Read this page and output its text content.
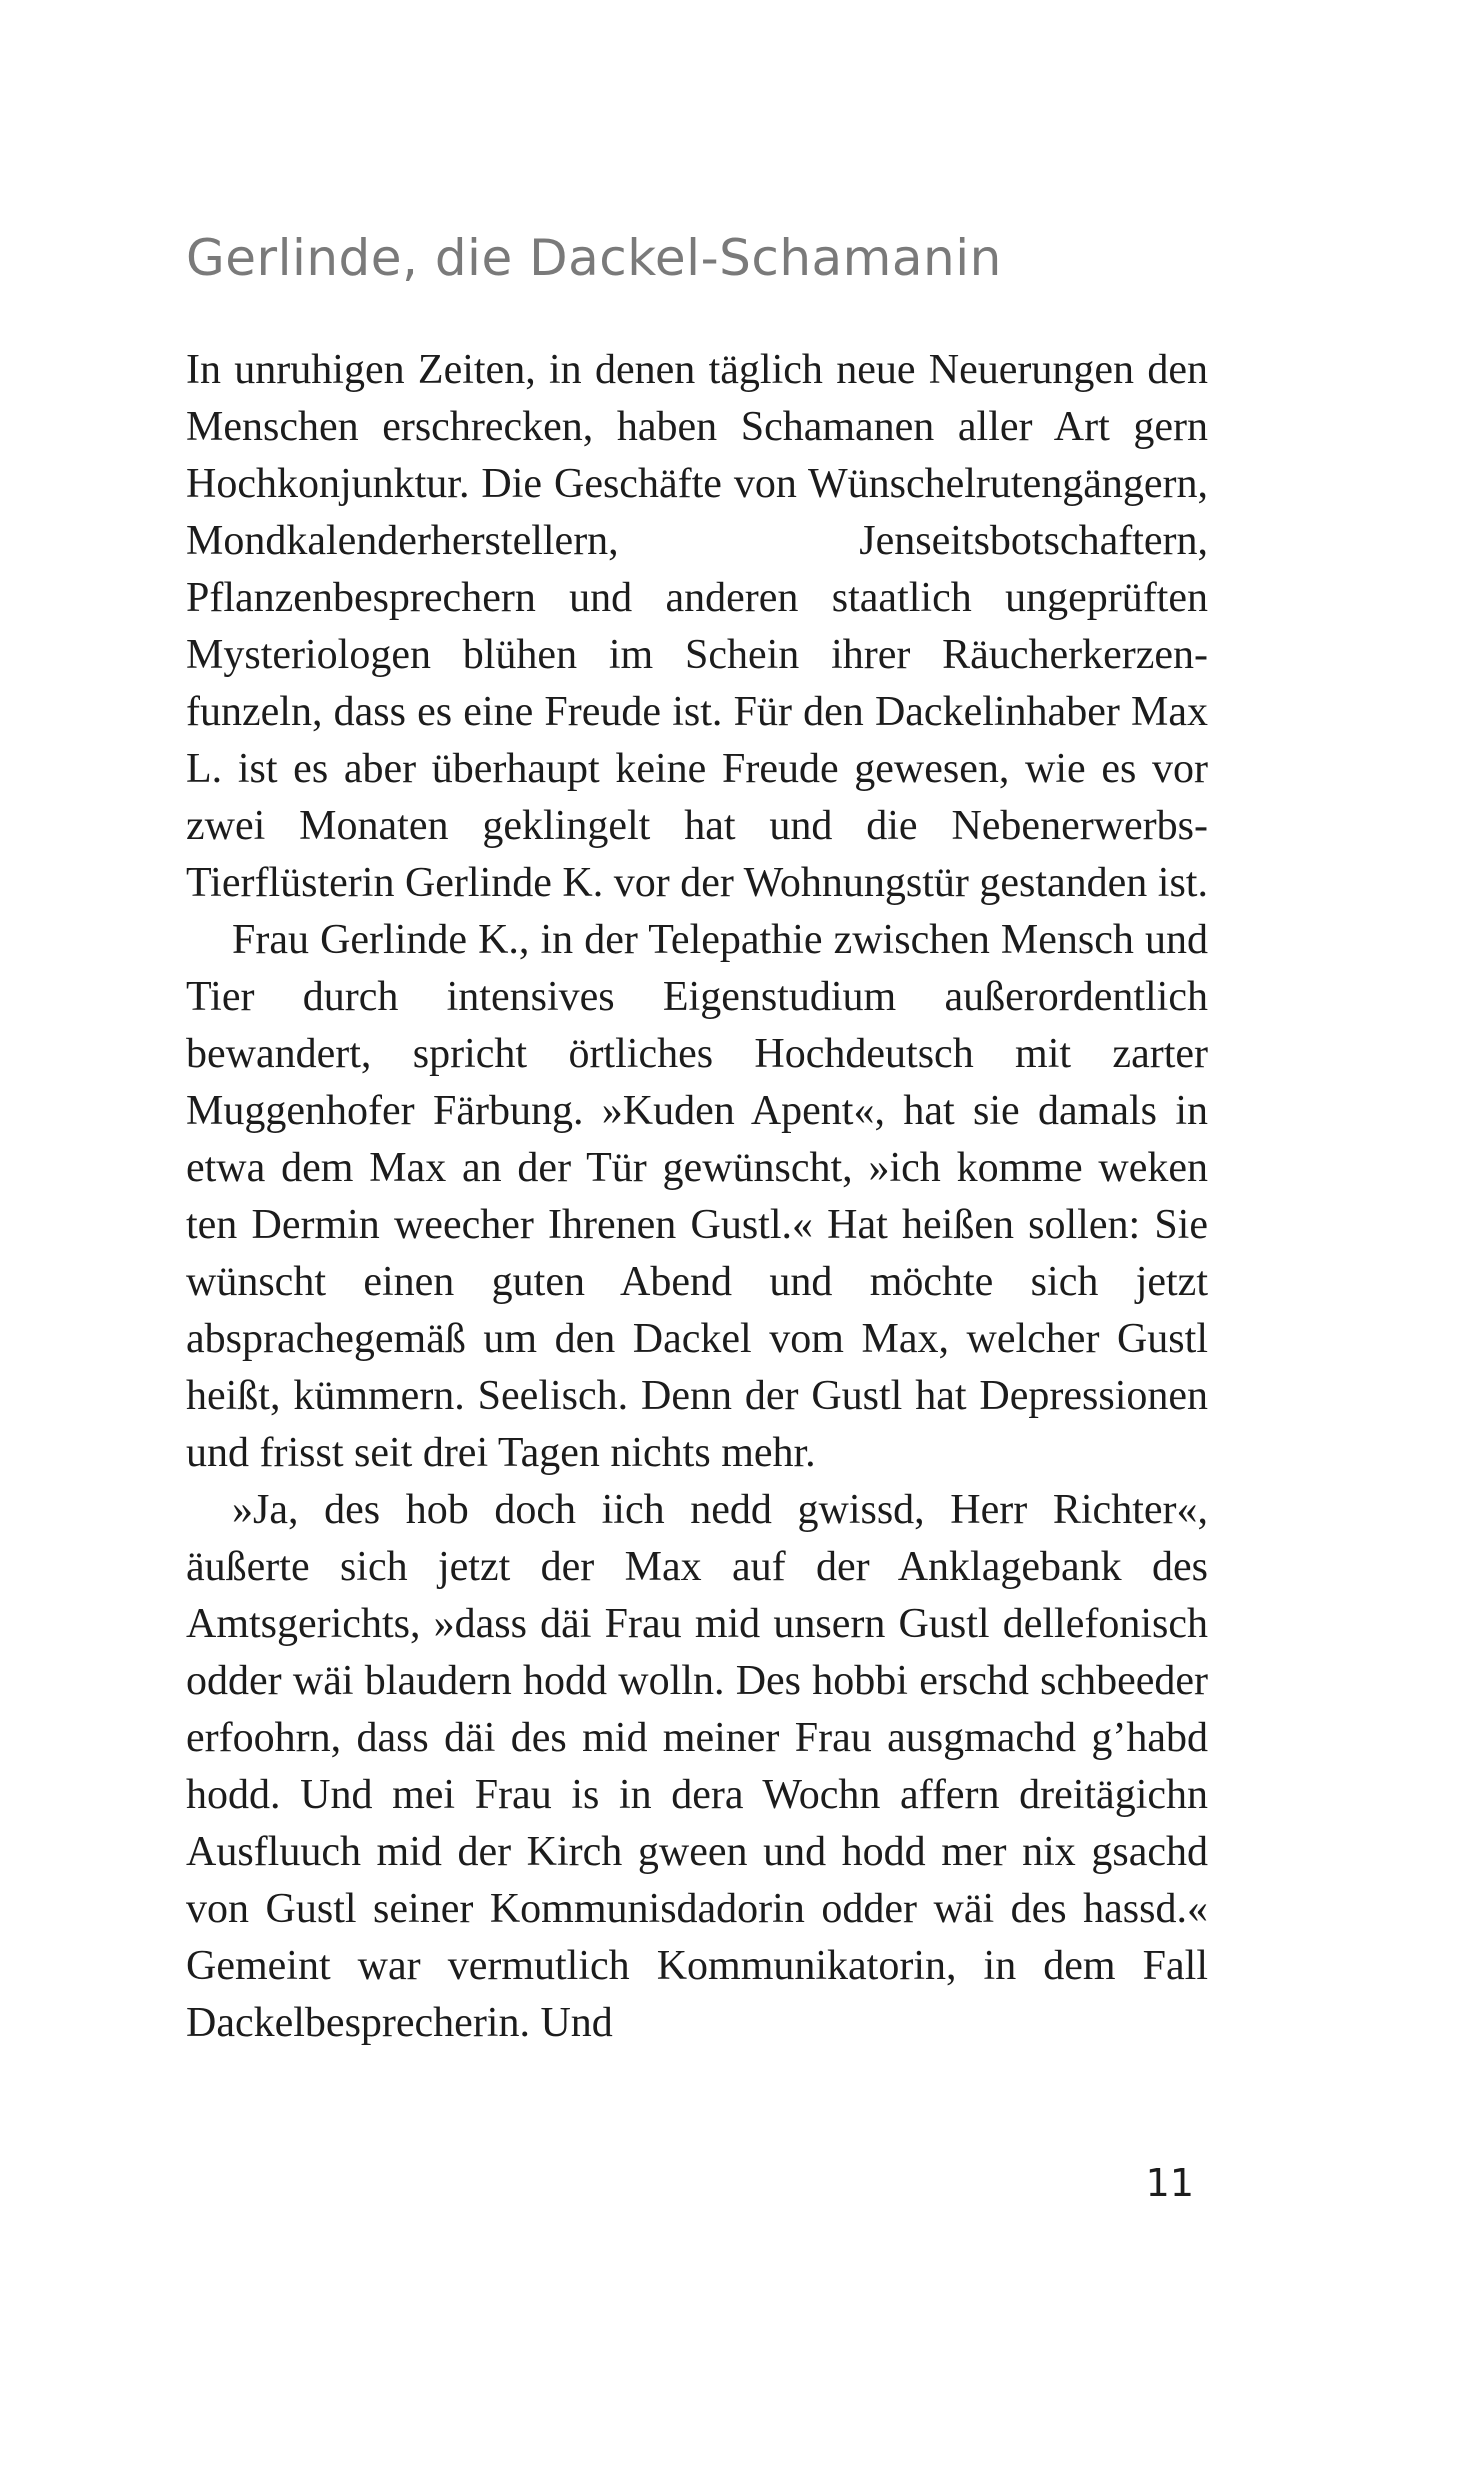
Gerlinde, die Dackel-Schamanin

In unruhigen Zeiten, in denen täglich neue Neuerungen den Menschen erschrecken, haben Schamanen aller Art gern Hochkonjunktur. Die Geschäfte von Wünschelrutengängern, Mondkalenderherstellern, Jenseitsbotschaftern, Pflanzenbesprechern und anderen staatlich ungeprüften Mysteriologen blühen im Schein ihrer Räucherkerzenfunzeln, dass es eine Freude ist. Für den Dackelinhaber Max L. ist es aber überhaupt keine Freude gewesen, wie es vor zwei Monaten geklingelt hat und die Nebenerwerbs-Tierflüsterin Gerlinde K. vor der Wohnungstür gestanden ist.

Frau Gerlinde K., in der Telepathie zwischen Mensch und Tier durch intensives Eigenstudium außerordentlich bewandert, spricht örtliches Hochdeutsch mit zarter Muggenhofer Färbung. »Kuden Apent«, hat sie damals in etwa dem Max an der Tür gewünscht, »ich komme weken ten Dermin weecher Ihrenen Gustl.« Hat heißen sollen: Sie wünscht einen guten Abend und möchte sich jetzt absprachegemäß um den Dackel vom Max, welcher Gustl heißt, kümmern. Seelisch. Denn der Gustl hat Depressionen und frisst seit drei Tagen nichts mehr.

»Ja, des hob doch iich nedd gwissd, Herr Richter«, äußerte sich jetzt der Max auf der Anklagebank des Amtsgerichts, »dass däi Frau mid unsern Gustl dellefonisch odder wäi blaudern hodd wolln. Des hobbi erschd schbeeder erfoohrn, dass däi des mid meiner Frau ausgmachd g’habd hodd. Und mei Frau is in dera Wochn affern dreitägichn Ausfluuch mid der Kirch gween und hodd mer nix gsachd von Gustl seiner Kommunisdadorin odder wäi des hassd.« Gemeint war vermutlich Kommunikatorin, in dem Fall Dackelbesprecherin. Und

11
